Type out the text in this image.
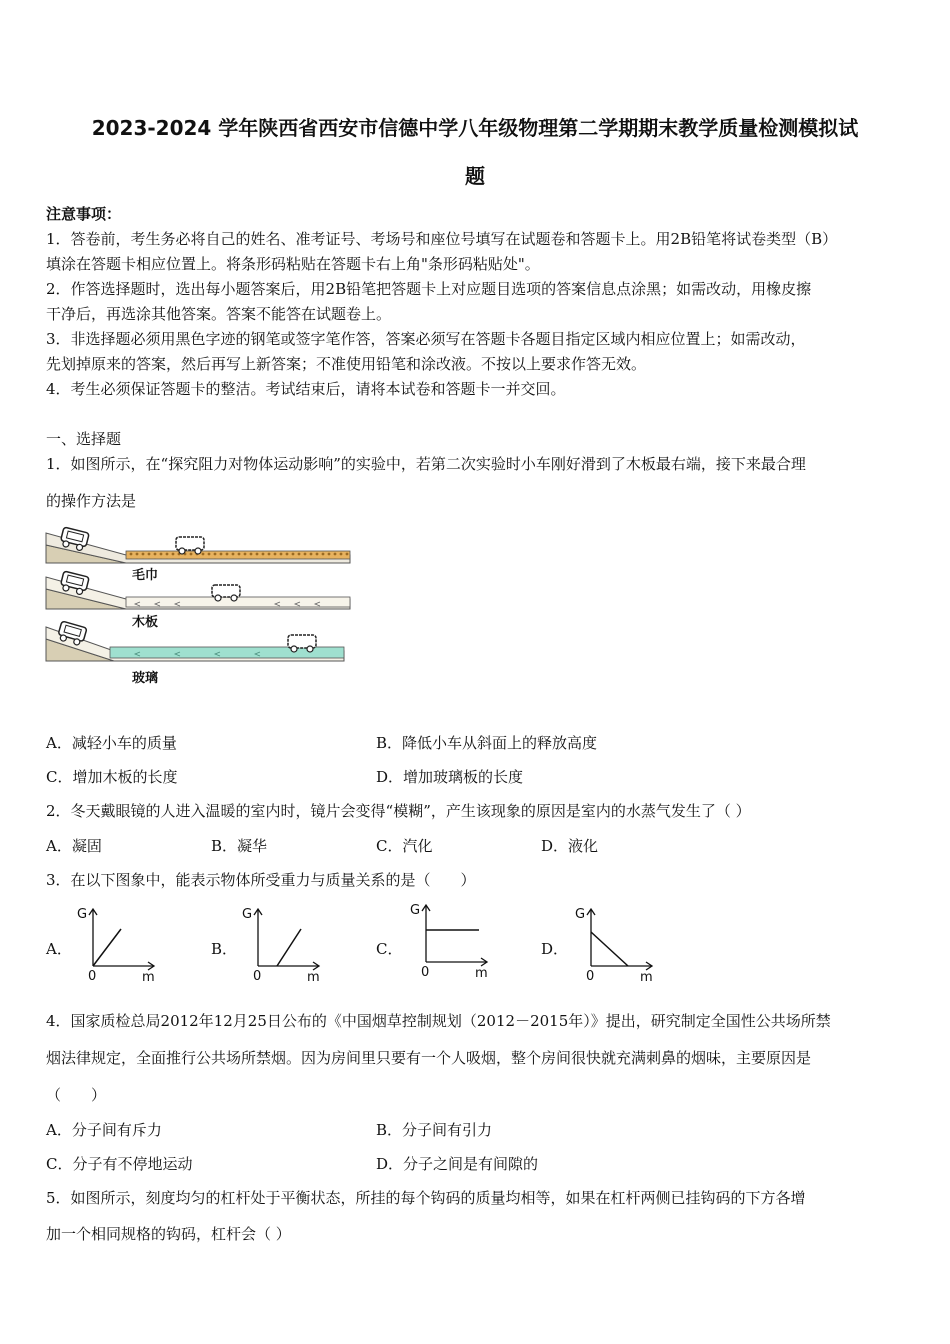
2023-2024 学年陕西省西安市信德中学八年级物理第二学期期末教学质量检测模拟试
题
注意事项：
1．答卷前，考生务必将自己的姓名、准考证号、考场号和座位号填写在试题卷和答题卡上。用2B铅笔将试卷类型（B）
填涂在答题卡相应位置上。将条形码粘贴在答题卡右上角"条形码粘贴处"。
2．作答选择题时，选出每小题答案后，用2B铅笔把答题卡上对应题目选项的答案信息点涂黑；如需改动，用橡皮擦
干净后，再选涂其他答案。答案不能答在试题卷上。
3．非选择题必须用黑色字迹的钢笔或签字笔作答，答案必须写在答题卡各题目指定区域内相应位置上；如需改动，
先划掉原来的答案，然后再写上新答案；不准使用铅笔和涂改液。不按以上要求作答无效。
4．考生必须保证答题卡的整洁。考试结束后，请将本试卷和答题卡一并交回。
一、选择题
1．如图所示，在“探究阻力对物体运动影响”的实验中，若第二次实验时小车刚好滑到了木板最右端，接下来最合理
的操作方法是
毛巾
木板
玻璃
A．减轻小车的质量	B．降低小车从斜面上的释放高度
C．增加木板的长度	D．增加玻璃板的长度
2．冬天戴眼镜的人进入温暖的室内时，镜片会变得“模糊”，产生该现象的原因是室内的水蒸气发生了（ ）
A．凝固	B．凝华	C．汽化	D．液化
3．在以下图象中，能表示物体所受重力与质量关系的是（　　）
A．
G
0	m
B．
G
0	m
C．
G
0	m
D．
G
0	m
4．国家质检总局2012年12月25日公布的《中国烟草控制规划（2012－2015年）》提出，研究制定全国性公共场所禁
烟法律规定，全面推行公共场所禁烟。因为房间里只要有一个人吸烟，整个房间很快就充满刺鼻的烟味，主要原因是
（　　）
A．分子间有斥力	B．分子间有引力
C．分子有不停地运动	D．分子之间是有间隙的
5．如图所示，刻度均匀的杠杆处于平衡状态，所挂的每个钩码的质量均相等，如果在杠杆两侧已挂钩码的下方各增
加一个相同规格的钩码，杠杆会（ ）
